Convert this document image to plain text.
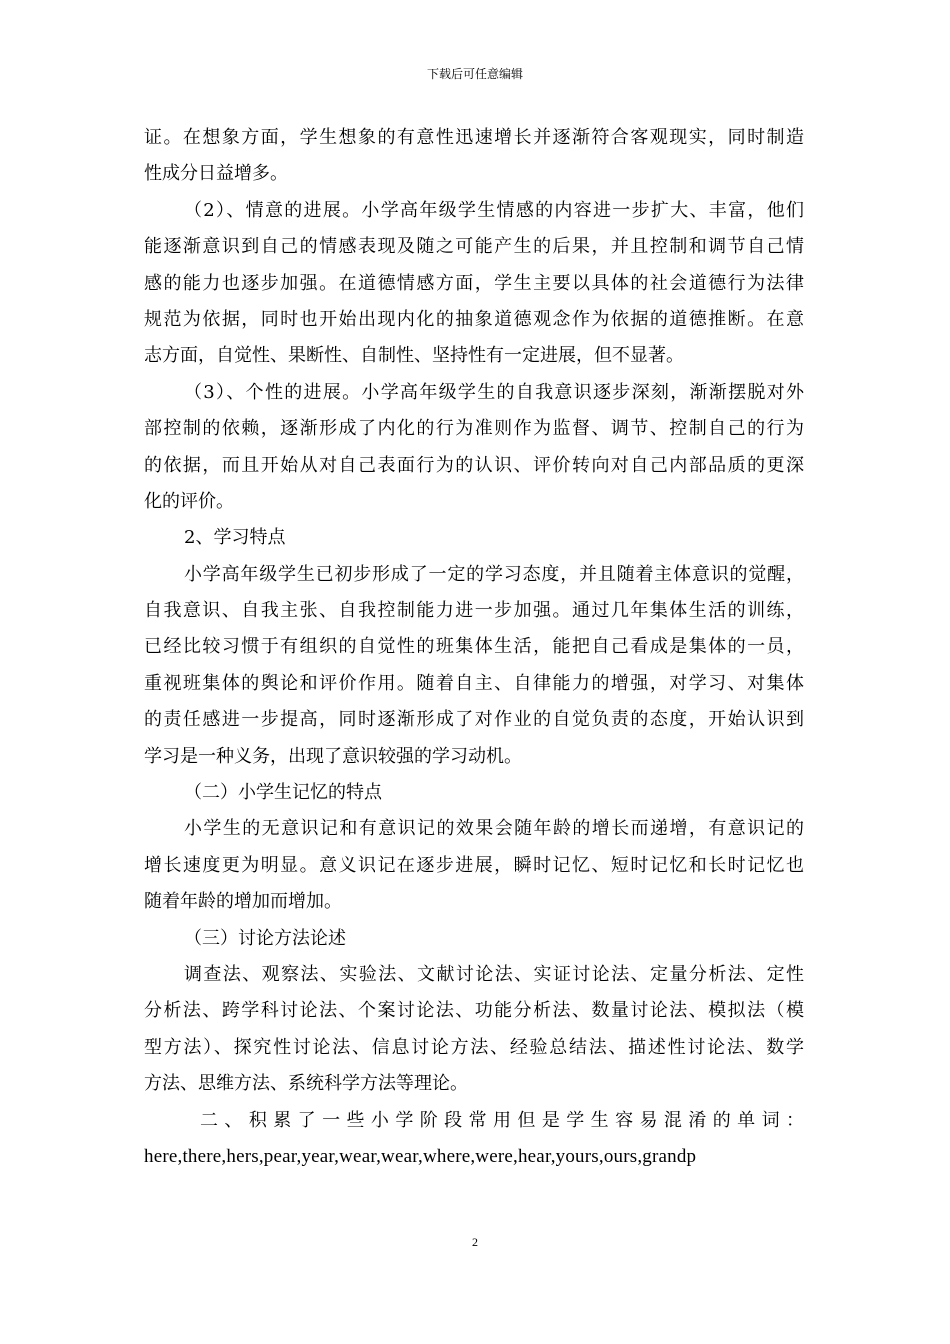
下载后可任意编辑
证。在想象方面，学生想象的有意性迅速增长并逐渐符合客观现实，同时制造
性成分日益增多。
（2）、情意的进展。小学高年级学生情感的内容进一步扩大、丰富，他们
能逐渐意识到自己的情感表现及随之可能产生的后果，并且控制和调节自己情
感的能力也逐步加强。在道德情感方面，学生主要以具体的社会道德行为法律
规范为依据，同时也开始出现内化的抽象道德观念作为依据的道德推断。在意
志方面，自觉性、果断性、自制性、坚持性有一定进展，但不显著。
（3）、个性的进展。小学高年级学生的自我意识逐步深刻，渐渐摆脱对外
部控制的依赖，逐渐形成了内化的行为准则作为监督、调节、控制自己的行为
的依据，而且开始从对自己表面行为的认识、评价转向对自己内部品质的更深
化的评价。
2、学习特点
小学高年级学生已初步形成了一定的学习态度，并且随着主体意识的觉醒，
自我意识、自我主张、自我控制能力进一步加强。通过几年集体生活的训练，
已经比较习惯于有组织的自觉性的班集体生活，能把自己看成是集体的一员，
重视班集体的舆论和评价作用。随着自主、自律能力的增强，对学习、对集体
的责任感进一步提高，同时逐渐形成了对作业的自觉负责的态度，开始认识到
学习是一种义务，出现了意识较强的学习动机。
（二）小学生记忆的特点
小学生的无意识记和有意识记的效果会随年龄的增长而递增，有意识记的
增长速度更为明显。意义识记在逐步进展，瞬时记忆、短时记忆和长时记忆也
随着年龄的增加而增加。
（三）讨论方法论述
调查法、观察法、实验法、文献讨论法、实证讨论法、定量分析法、定性
分析法、跨学科讨论法、个案讨论法、功能分析法、数量讨论法、模拟法（模
型方法）、探究性讨论法、信息讨论方法、经验总结法、描述性讨论法、数学
方法、思维方法、系统科学方法等理论。
二、积累了一些小学阶段常用但是学生容易混淆的单词：
here,there,hers,pear,year,wear,wear,where,were,hear,yours,ours,grandp
2
